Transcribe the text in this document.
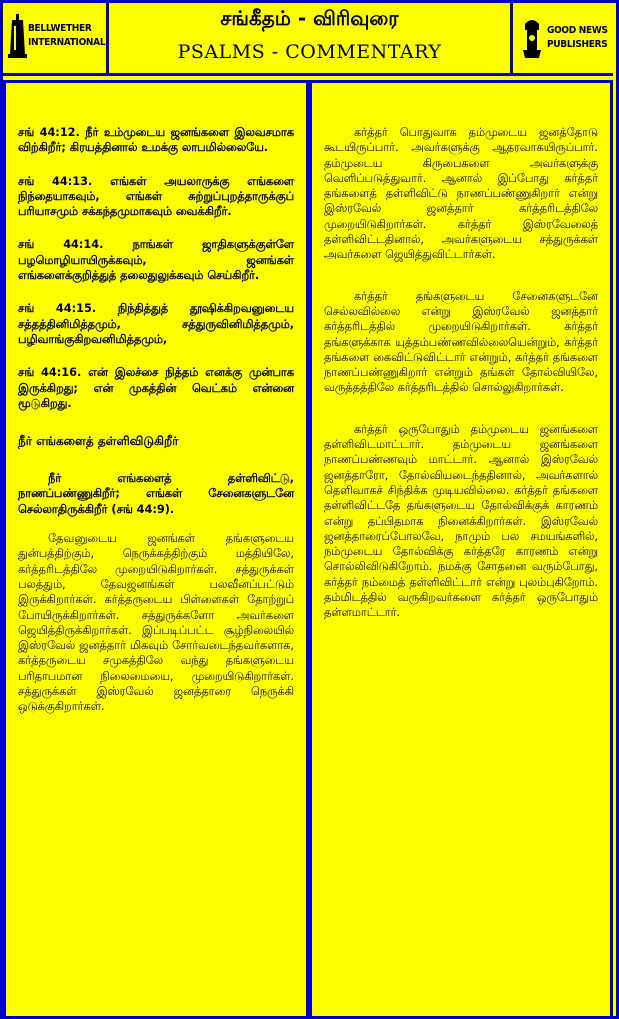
BELLWETHER
INTERNATIONAL
சங்கீதம் - விரிவுரை
PSALMS - COMMENTARY
GOOD NEWS
PUBLISHERS

சங் 44:12. நீர் உம்முடைய ஜனங்களை இலவசமாக விற்கிறீர்; கிரயத்தினால் உமக்கு லாபமில்லையே.

சங் 44:13. எங்கள் அயலாருக்கு எங்களை நிந்தையாகவும், எங்கள் சுற்றுப்புறத்தாருக்குப் பரியாசமும் சக்கந்தமுமாகவும் வைக்கிறீர்.

சங் 44:14. நாங்கள் ஜாதிகளுக்குள்ளே பழமொழியாயிருக்கவும், ஜனங்கள் எங்களைக்குறித்துத் தலைதுலுக்கவும் செய்கிறீர்.

சங் 44:15. நிந்தித்துத் தூஷிக்கிறவனுடைய சத்தத்தினிமித்தமும், சத்துருவினிமித்தமும், பழிவாங்குகிறவனிமித்தமும்,

சங் 44:16. என் இலச்சை நித்தம் எனக்கு முன்பாக இருக்கிறது; என் முகத்தின் வெட்கம் என்னை மூடுகிறது.

நீர் எங்களைத் தள்ளிவிடுகிறீர்

நீர் எங்களைத் தள்ளிவிட்டு, நாணப்பண்ணுகிறீர்; எங்கள் சேனைகளுடனே செல்லாதிருக்கிறீர் (சங் 44:9).

தேவனுடைய ஜனங்கள் தங்களுடைய துன்பத்திற்கும், நெருக்கத்திற்கும் மத்தியிலே, கர்த்தரிடத்திலே முறையிடுகிறார்கள். சத்துருக்கள் பலத்தும், தேவஜனங்கள் பலவீனப்பட்டும் இருக்கிறார்கள். கர்த்தருடைய பிள்ளைகள் தோற்றுப் போயிருக்கிறார்கள். சத்துருக்களோ அவர்களை ஜெயித்திருக்கிறார்கள். இப்படிப்பட்ட சூழ்நிலையில் இஸ்ரவேல் ஜனத்தார் மிகவும் சோர்வடைந்தவர்களாக, கர்த்தருடைய சமுகத்திலே வந்து தங்களுடைய பரிதாபமான நிலைமையை, முறையிடுகிறார்கள். சத்துருக்கள் இஸ்ரவேல் ஜனத்தாரை நெருக்கி ஒடுக்குகிறார்கள்.

கர்த்தர் பொதுவாக தம்முடைய ஜனத்தோடு கூடயிருப்பார். அவர்களுக்கு ஆதரவாகயிருப்பார். தம்முடைய கிருபைகளை அவர்களுக்கு வெளிப்படுத்துவார். ஆனால் இப்போது கர்த்தர் தங்களைத் தள்ளிவிட்டு நாணப்பண்ணுகிறார் என்று இஸ்ரவேல் ஜனத்தார் கர்த்தரிடத்திலே முறையிடுகிறார்கள். கர்த்தர் இஸ்ரவேலைத் தள்ளிவிட்டதினால், அவர்களுடைய சத்துருக்கள் அவர்களை ஜெயித்துவிட்டார்கள்.

கர்த்தர் தங்களுடைய சேனைகளுடனே செல்லவில்லை என்று இஸ்ரவேல் ஜனத்தார் கர்த்தரிடத்தில் முறையிடுகிறார்கள். கர்த்தர் தங்களுக்காக யுத்தம்பண்ணவில்லையென்றும், கர்த்தர் தங்களை கைவிட்டுவிட்டார் என்றும், கர்த்தர் தங்களை நாணப்பண்ணுகிறார் என்றும் தங்கள் தோல்வியிலே, வருத்தத்திலே கர்த்தரிடத்தில் சொல்லுகிறார்கள்.

கர்த்தர் ஒருபோதும் தம்முடைய ஜனங்களை தள்ளிவிடமாட்டார். தம்முடைய ஜனங்களை நாணப்பண்ணவும் மாட்டார். ஆனால் இஸ்ரவேல் ஜனத்தாரோ, தோல்வியடைந்ததினால், அவர்களால் தெளிவாகச் சிந்திக்க முடியவில்லை. கர்த்தர் தங்களை தள்ளிவிட்டதே தங்களுடைய தோல்விக்குக் காரணம் என்று தப்பிதமாக நினைக்கிறார்கள். இஸ்ரவேல் ஜனத்தாரைப்போலவே, நாமும் பல சமயங்களில், நம்முடைய தோல்விக்கு கர்த்தரே காரணம் என்று சொல்லிவிடுகிறோம். நமக்கு சோதனை வரும்போது, கர்த்தர் நம்மைத் தள்ளிவிட்டார் என்று புலம்புகிறோம். தம்மிடத்தில் வருகிறவர்களை கர்த்தர் ஒருபோதும் தள்ளமாட்டார்.
